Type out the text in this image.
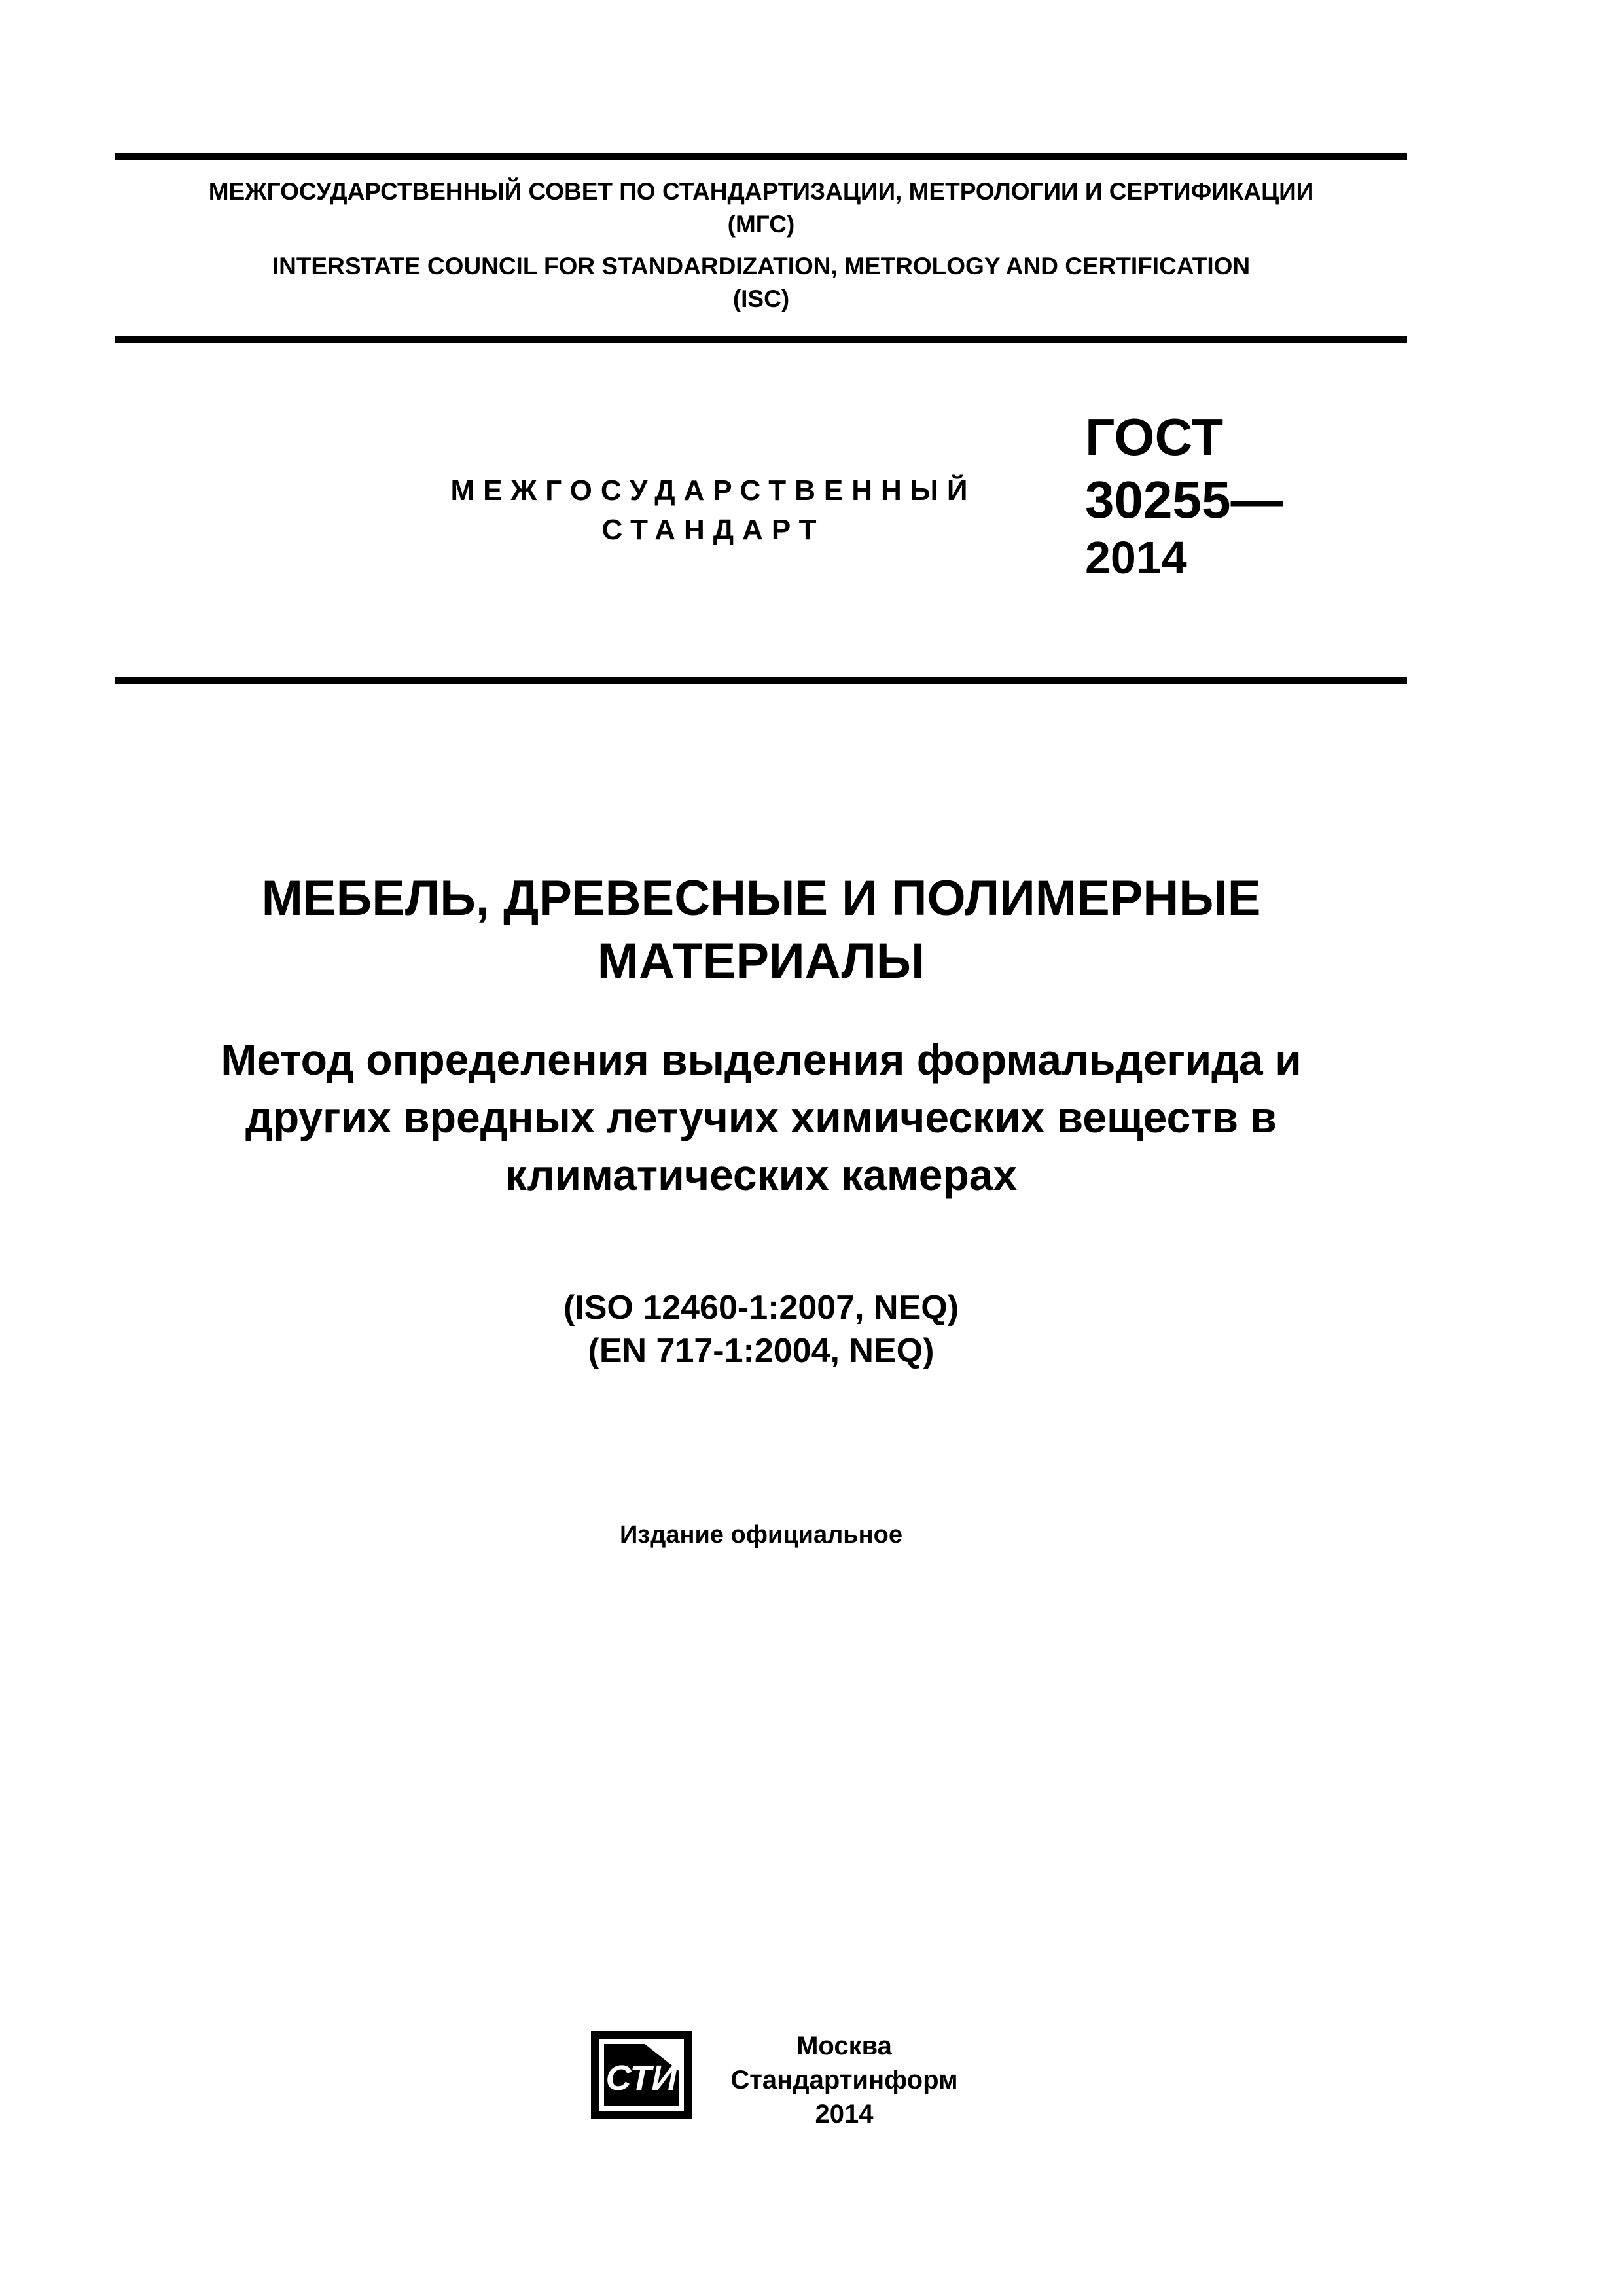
МЕЖГОСУДАРСТВЕННЫЙ СОВЕТ ПО СТАНДАРТИЗАЦИИ, МЕТРОЛОГИИ И СЕРТИФИКАЦИИ
(МГС)
INTERSTATE COUNCIL FOR STANDARDIZATION, METROLOGY AND CERTIFICATION
(ISC)
МЕЖГОСУДАРСТВЕННЫЙ
СТАНДАРТ
ГОСТ
30255—
2014
МЕБЕЛЬ, ДРЕВЕСНЫЕ И ПОЛИМЕРНЫЕ
МАТЕРИАЛЫ
Метод определения выделения формальдегида и
других вредных летучих химических веществ в
климатических камерах
(ISO 12460-1:2007, NEQ)
(EN 717-1:2004, NEQ)
Издание официальное
СТИ
Москва
Стандартинформ
2014
